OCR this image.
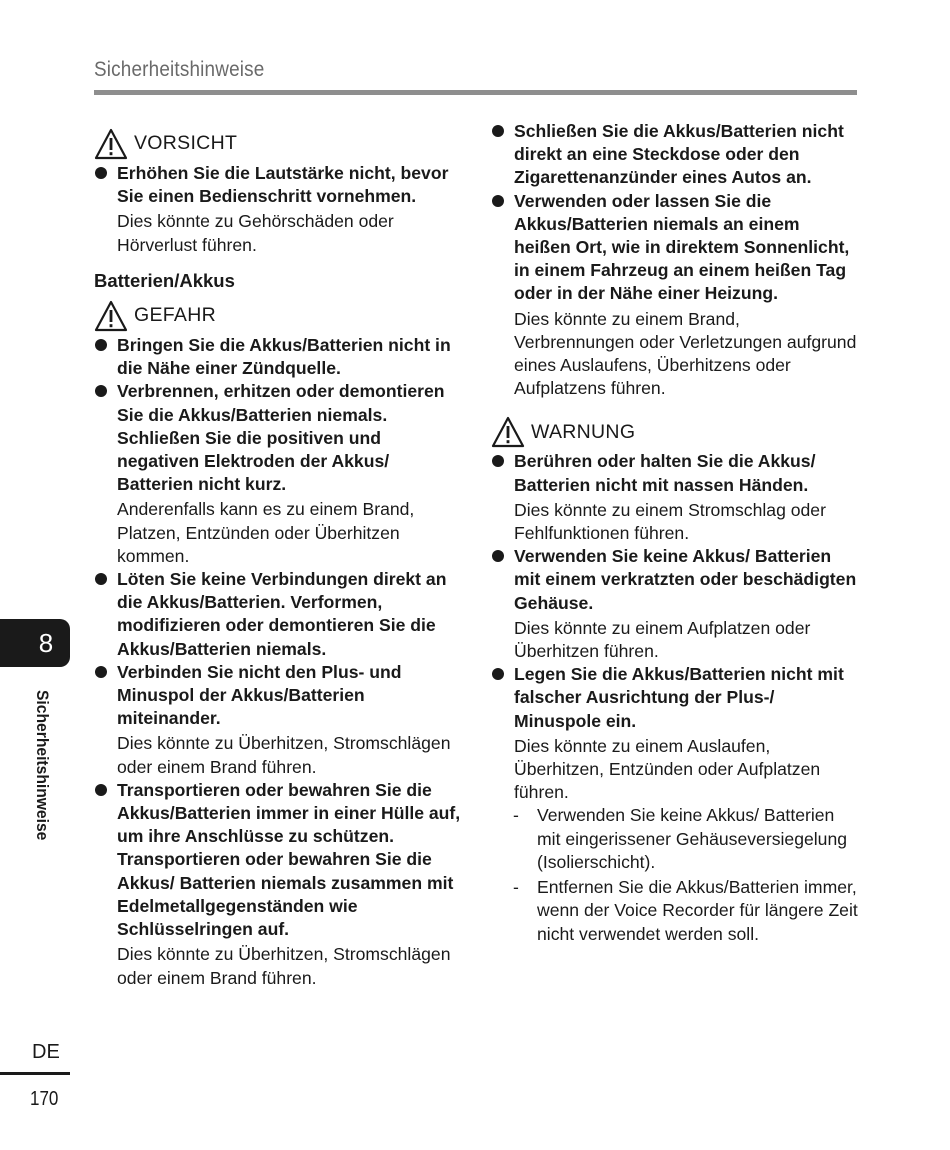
Sicherheitshinweise
VORSICHT
Erhöhen Sie die Lautstärke nicht, bevor Sie einen Bedienschritt vornehmen.
Dies könnte zu Gehörschäden oder Hörverlust führen.
Batterien/Akkus
GEFAHR
Bringen Sie die Akkus/Batterien nicht in die Nähe einer Zündquelle.
Verbrennen, erhitzen oder demontieren Sie die Akkus/Batterien niemals. Schließen Sie die positiven und negativen Elektroden der Akkus/ Batterien nicht kurz.
Anderenfalls kann es zu einem Brand, Platzen, Entzünden oder Überhitzen kommen.
Löten Sie keine Verbindungen direkt an die Akkus/Batterien. Verformen, modifizieren oder demontieren Sie die Akkus/Batterien niemals.
Verbinden Sie nicht den Plus- und Minuspol der Akkus/Batterien miteinander.
Dies könnte zu Überhitzen, Stromschlägen oder einem Brand führen.
Transportieren oder bewahren Sie die Akkus/Batterien immer in einer Hülle auf, um ihre Anschlüsse zu schützen. Transportieren oder bewahren Sie die Akkus/ Batterien niemals zusammen mit Edelmetallgegenständen wie Schlüsselringen auf.
Dies könnte zu Überhitzen, Stromschlägen oder einem Brand führen.
Schließen Sie die Akkus/Batterien nicht direkt an eine Steckdose oder den Zigarettenanzünder eines Autos an.
Verwenden oder lassen Sie die Akkus/Batterien niemals an einem heißen Ort, wie in direktem Sonnenlicht, in einem Fahrzeug an einem heißen Tag oder in der Nähe einer Heizung.
Dies könnte zu einem Brand, Verbrennungen oder Verletzungen aufgrund eines Auslaufens, Überhitzens oder Aufplatzens führen.
WARNUNG
Berühren oder halten Sie die Akkus/ Batterien nicht mit nassen Händen.
Dies könnte zu einem Stromschlag oder Fehlfunktionen führen.
Verwenden Sie keine Akkus/ Batterien mit einem verkratzten oder beschädigten Gehäuse.
Dies könnte zu einem Aufplatzen oder Überhitzen führen.
Legen Sie die Akkus/Batterien nicht mit falscher Ausrichtung der Plus-/ Minuspole ein.
Dies könnte zu einem Auslaufen, Überhitzen, Entzünden oder Aufplatzen führen.
- Verwenden Sie keine Akkus/ Batterien mit eingerissener Gehäuseversiegelung (Isolierschicht).
- Entfernen Sie die Akkus/Batterien immer, wenn der Voice Recorder für längere Zeit nicht verwendet werden soll.
8
Sicherheitshinweise
DE
170
